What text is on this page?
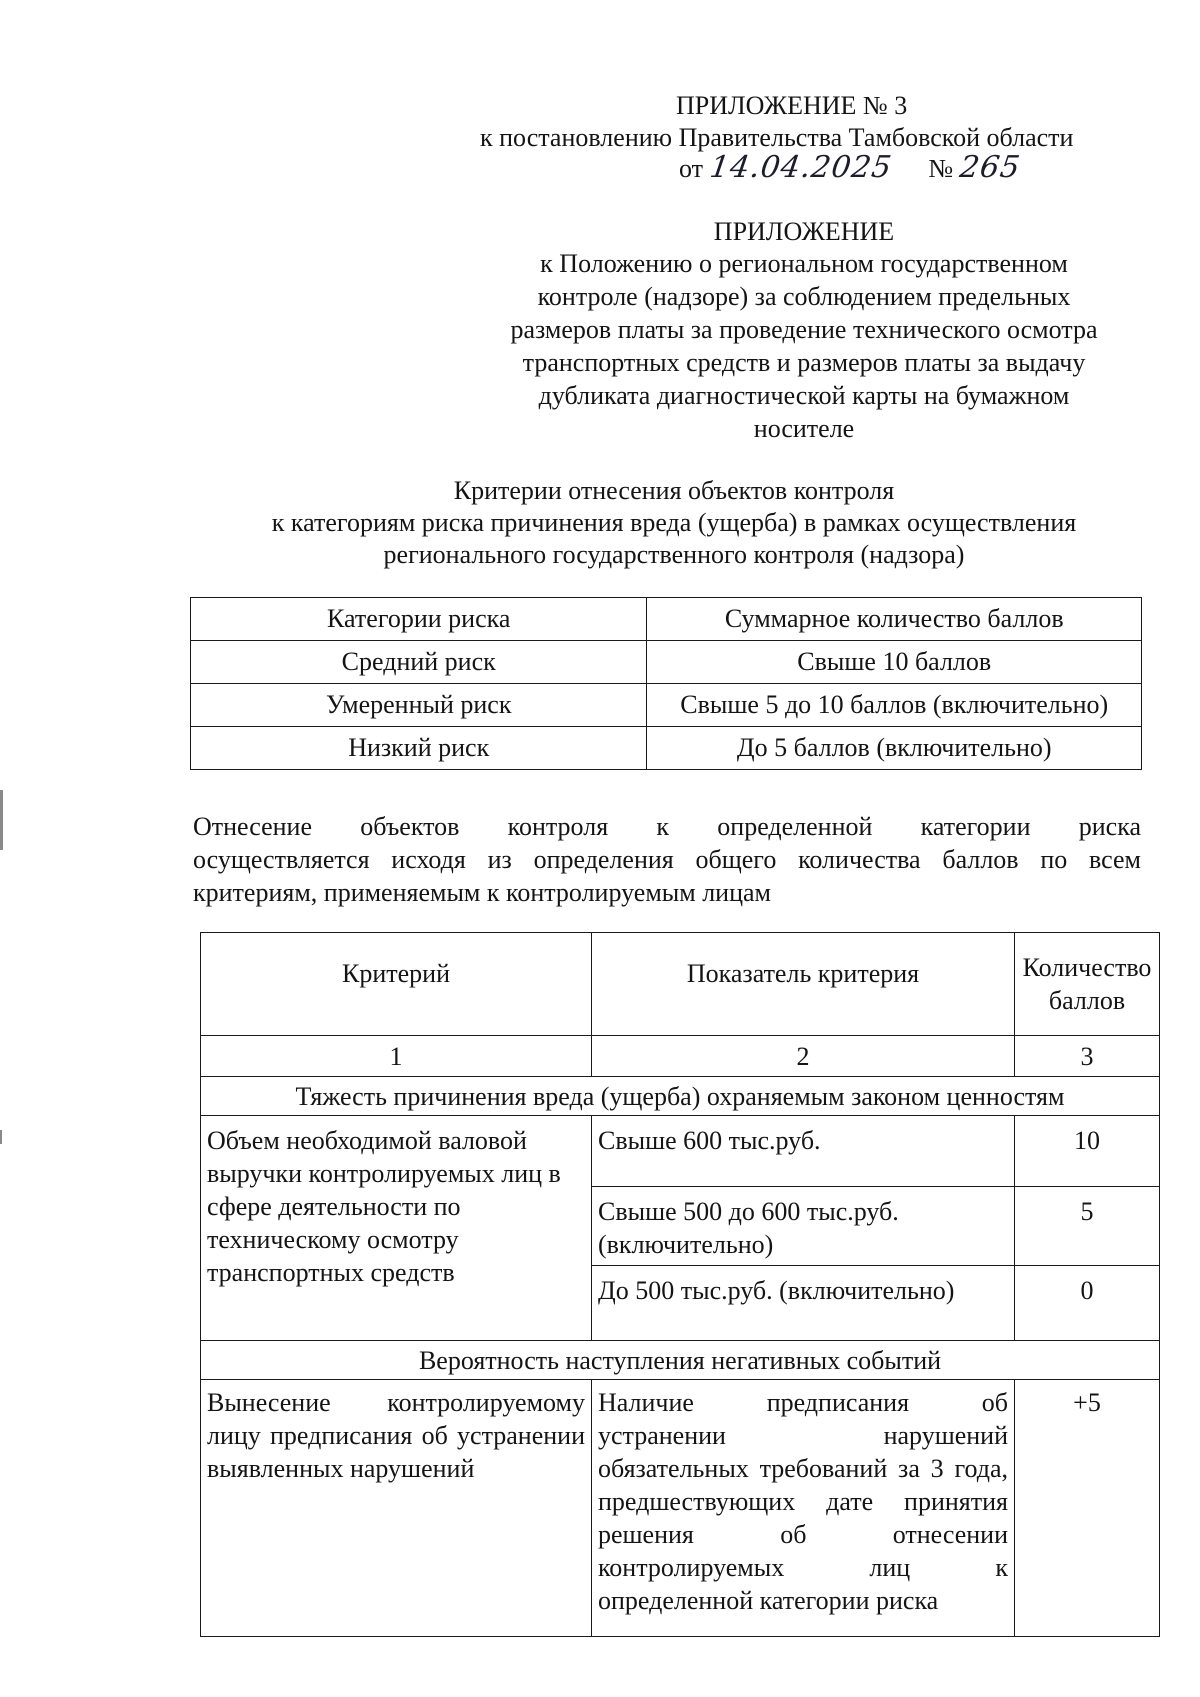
ПРИЛОЖЕНИЕ № 3
к постановлению Правительства Тамбовской области
от 14.04.2025 № 265
ПРИЛОЖЕНИЕ
к Положению о региональном государственном
контроле (надзоре) за соблюдением предельных
размеров платы за проведение технического осмотра
транспортных средств и размеров платы за выдачу
дубликата диагностической карты на бумажном
носителе
Критерии отнесения объектов контроля
к категориям риска причинения вреда (ущерба) в рамках осуществления
регионального государственного контроля (надзора)
Категории риска	Суммарное количество баллов
Средний риск	Свыше 10 баллов
Умеренный риск	Свыше 5 до 10 баллов (включительно)
Низкий риск	До 5 баллов (включительно)
Отнесение объектов контроля к определенной категории риска
осуществляется исходя из определения общего количества баллов по всем
критериям, применяемым к контролируемым лицам
Критерий	Показатель критерия	Количество баллов
1	2	3
Тяжесть причинения вреда (ущерба) охраняемым законом ценностям		
Объем необходимой валовой выручки контролируемых лиц в сфере деятельности по техническому осмотру транспортных средств	Свыше 600 тыс.руб.	10
	Свыше 500 до 600 тыс.руб. (включительно)	5
	До 500 тыс.руб. (включительно)	0
Вероятность наступления негативных событий		
Вынесение контролируемому лицу предписания об устранении выявленных нарушений	Наличие предписания об устранении нарушений обязательных требований за 3 года, предшествующих дате принятия решения об отнесении контролируемых лиц к определенной категории риска	+5
